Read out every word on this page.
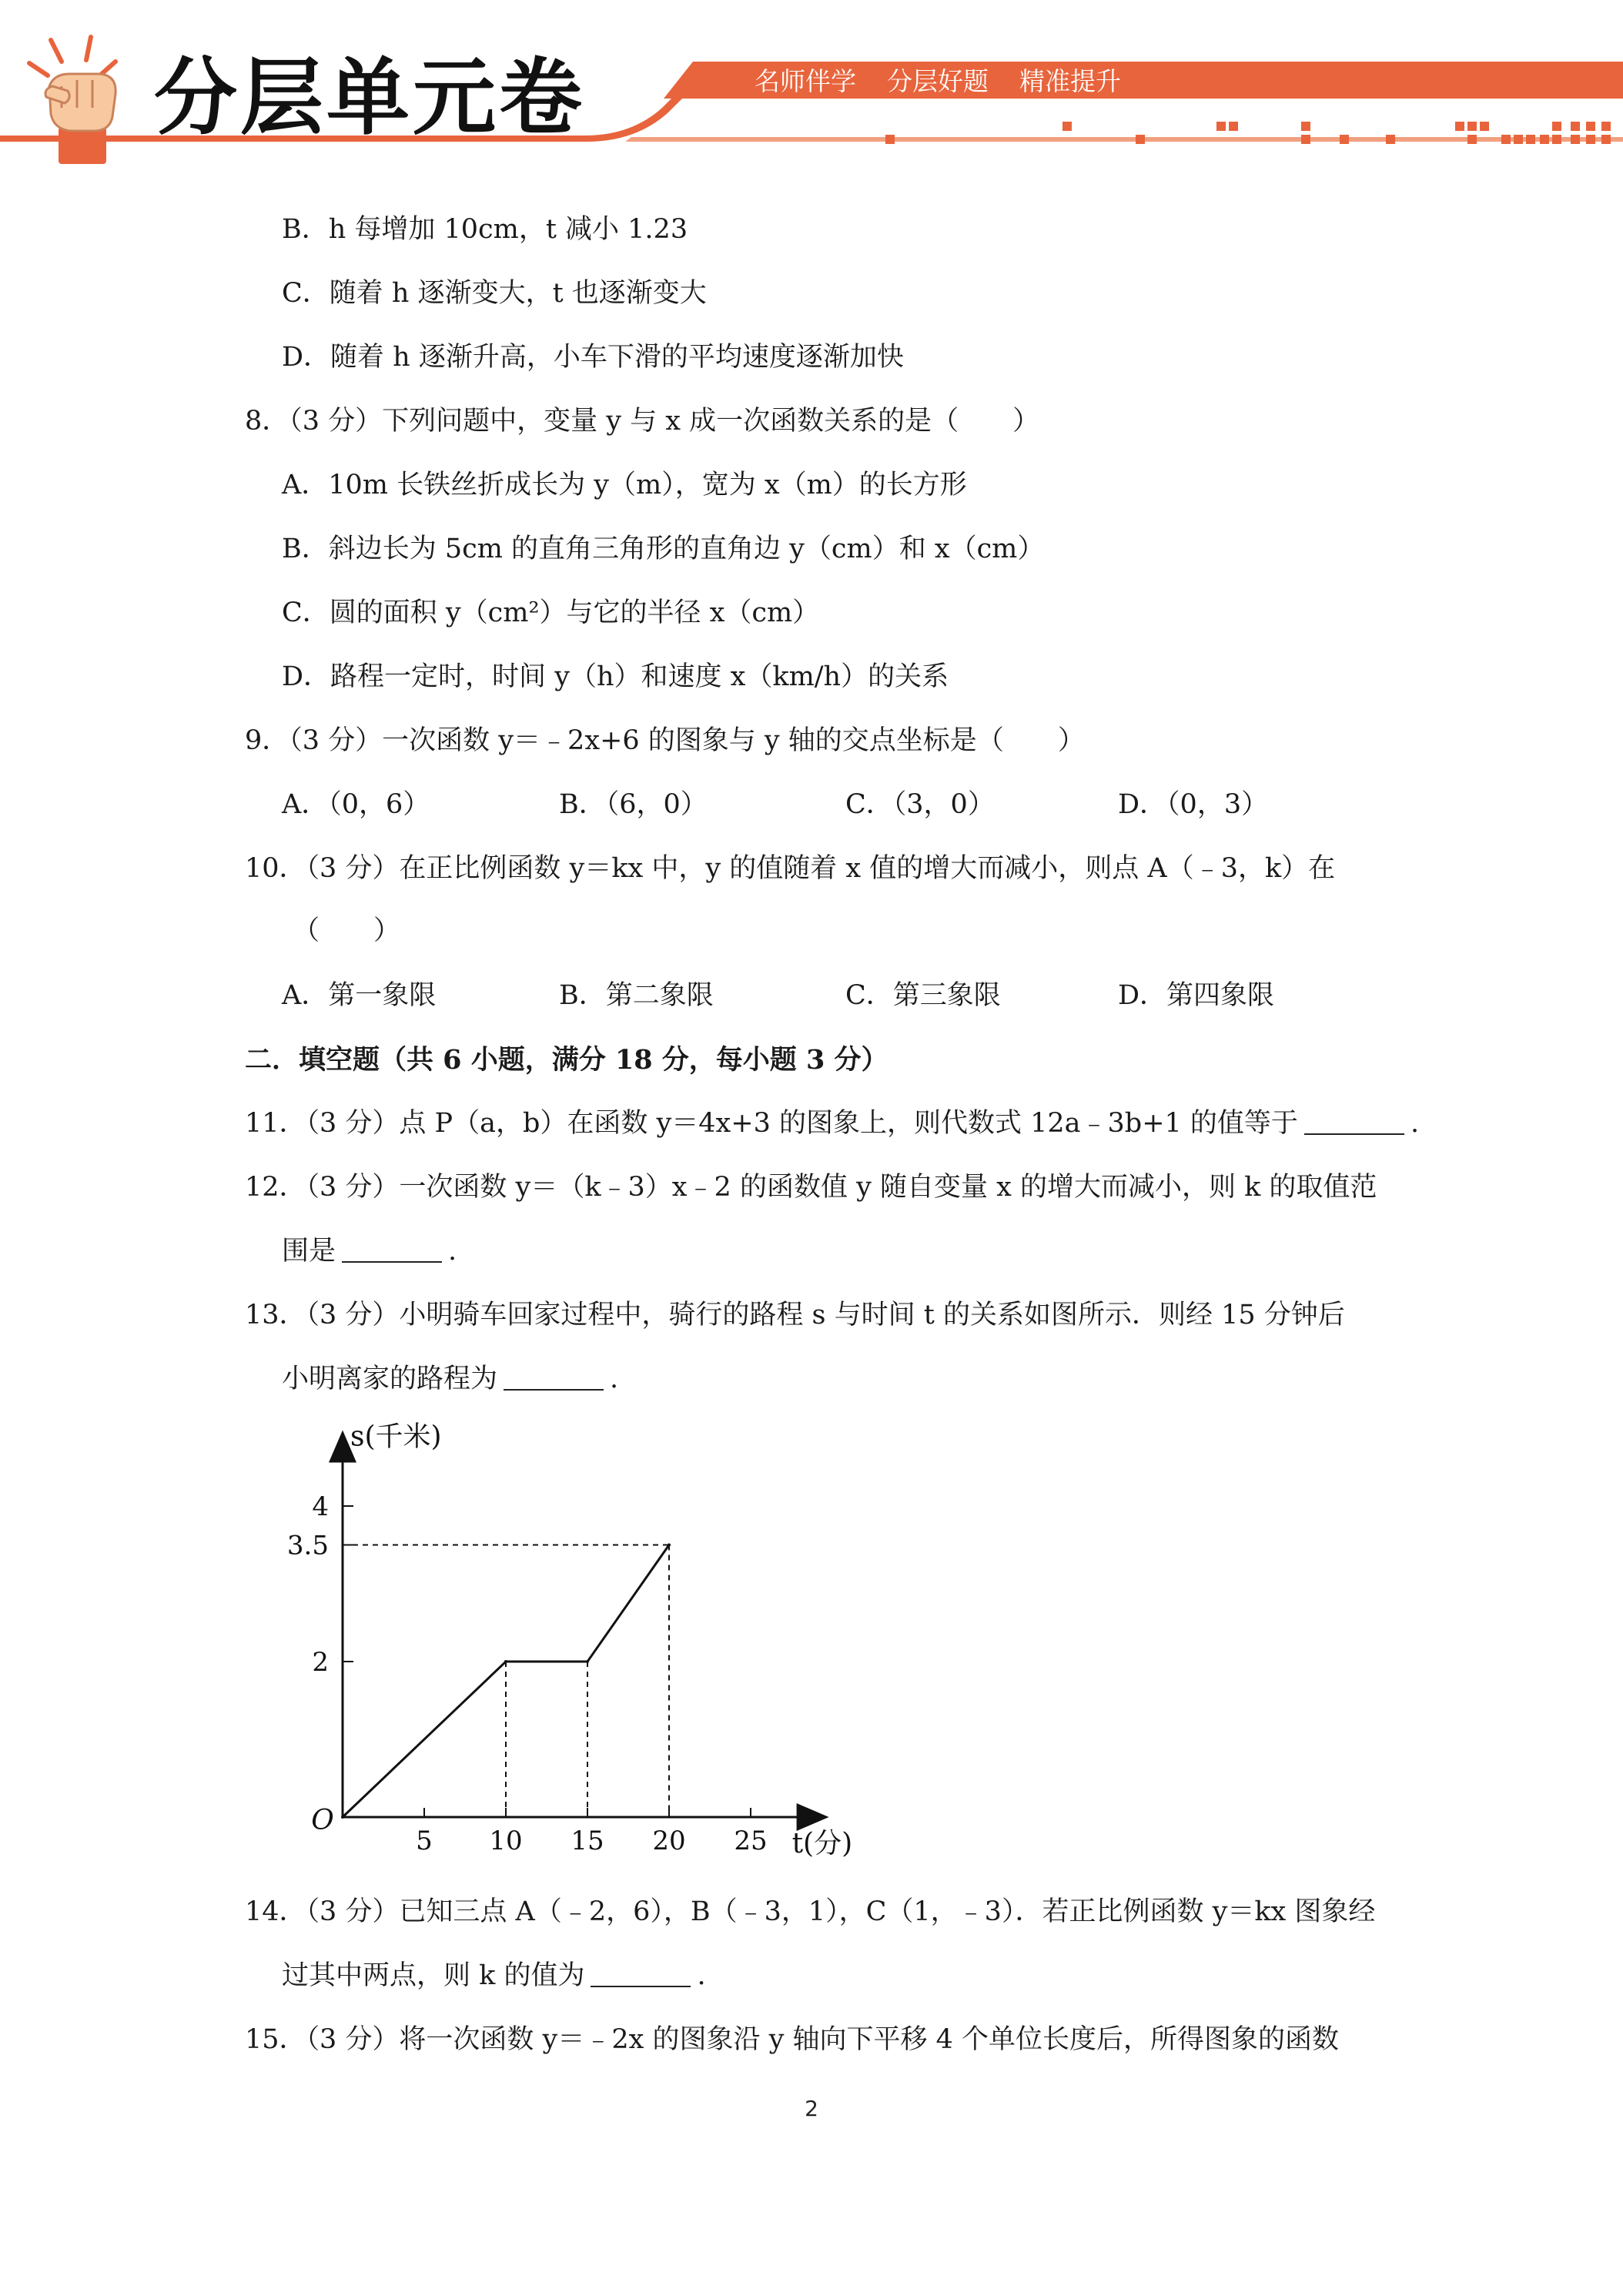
分层单元卷	名师伴学 分层好题 精准提升
B．h 每增加 10cm，t 减小 1.23
C．随着 h 逐渐变大，t 也逐渐变大
D．随着 h 逐渐升高，小车下滑的平均速度逐渐加快
8．（3 分）下列问题中，变量 y 与 x 成一次函数关系的是（　　）
A．10m 长铁丝折成长为 y（m），宽为 x（m）的长方形
B．斜边长为 5cm 的直角三角形的直角边 y（cm）和 x（cm）
C．圆的面积 y（cm²）与它的半径 x（cm）
D．路程一定时，时间 y（h）和速度 x（km/h）的关系
9．（3 分）一次函数 y＝﹣2x+6 的图象与 y 轴的交点坐标是（　　）
A．（0，6）	B．（6，0）	C．（3，0）	D．（0，3）
10．（3 分）在正比例函数 y＝kx 中，y 的值随着 x 值的增大而减小，则点 A（﹣3，k）在
（　　）
A．第一象限	B．第二象限	C．第三象限	D．第四象限
二．填空题（共 6 小题，满分 18 分，每小题 3 分）
11．（3 分）点 P（a，b）在函数 y＝4x+3 的图象上，则代数式 12a﹣3b+1 的值等于	.
12．（3 分）一次函数 y＝（k﹣3）x﹣2 的函数值 y 随自变量 x 的增大而减小，则 k 的取值范
围是	.
13．（3 分）小明骑车回家过程中，骑行的路程 s 与时间 t 的关系如图所示．则经 15 分钟后
小明离家的路程为	.
5 10 15 20 25
2
3.5
4
O
s(千米)
t(分)
14．（3 分）已知三点 A（﹣2，6），B（﹣3，1），C（1，﹣3）．若正比例函数 y＝kx 图象经
过其中两点，则 k 的值为	.
15．（3 分）将一次函数 y＝﹣2x 的图象沿 y 轴向下平移 4 个单位长度后，所得图象的函数
2
